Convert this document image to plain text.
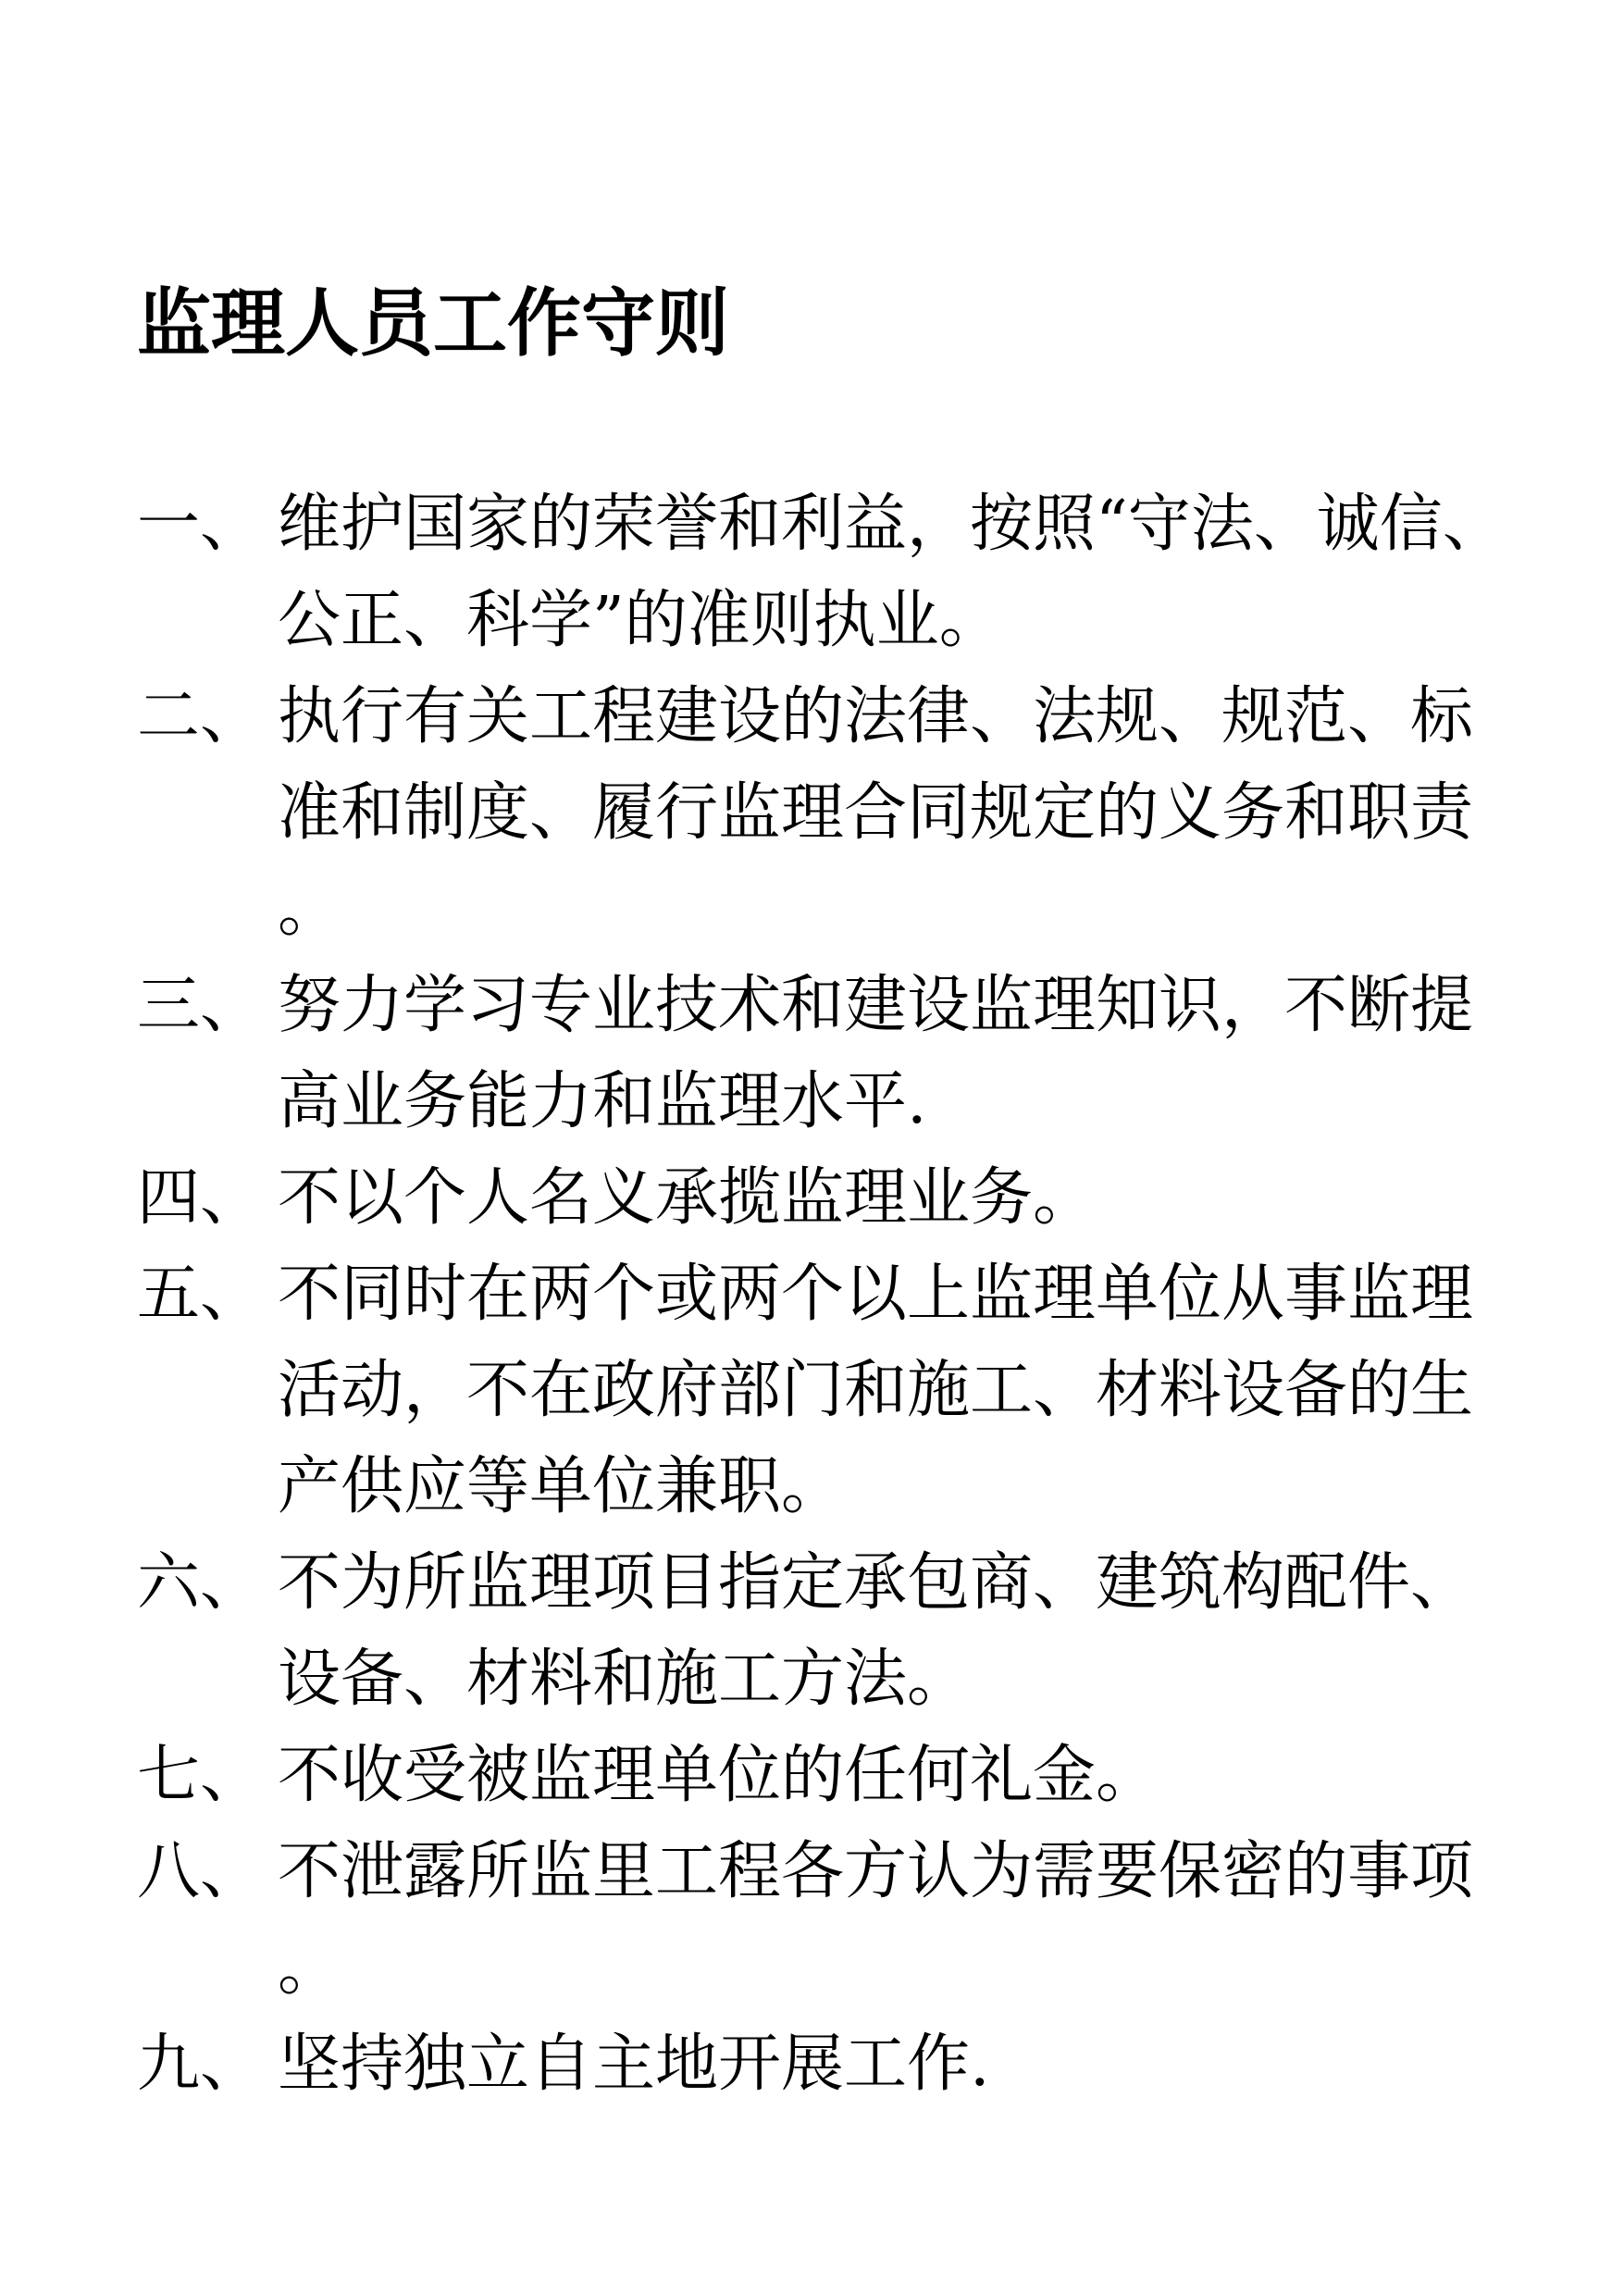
监理人员工作守则
一、 维护国家的荣誉和利益，按照“守法、诚信、公正、科学”的准则执业。
二、 执行有关工程建设的法律、法规、规范、标准和制度、履行监理合同规定的义务和职责。
三、 努力学习专业技术和建设监理知识，不断提高业务能力和监理水平.
四、 不以个人名义承揽监理业务。
五、 不同时在两个或两个以上监理单位从事监理活动，不在政府部门和施工、材料设备的生产供应等单位兼职。
六、 不为所监理项目指定承包商、建筑构配件、设备、材料和施工方法。
七、 不收受被监理单位的任何礼金。
八、 不泄露所监里工程各方认为需要保密的事项。
九、 坚持独立自主地开展工作.
